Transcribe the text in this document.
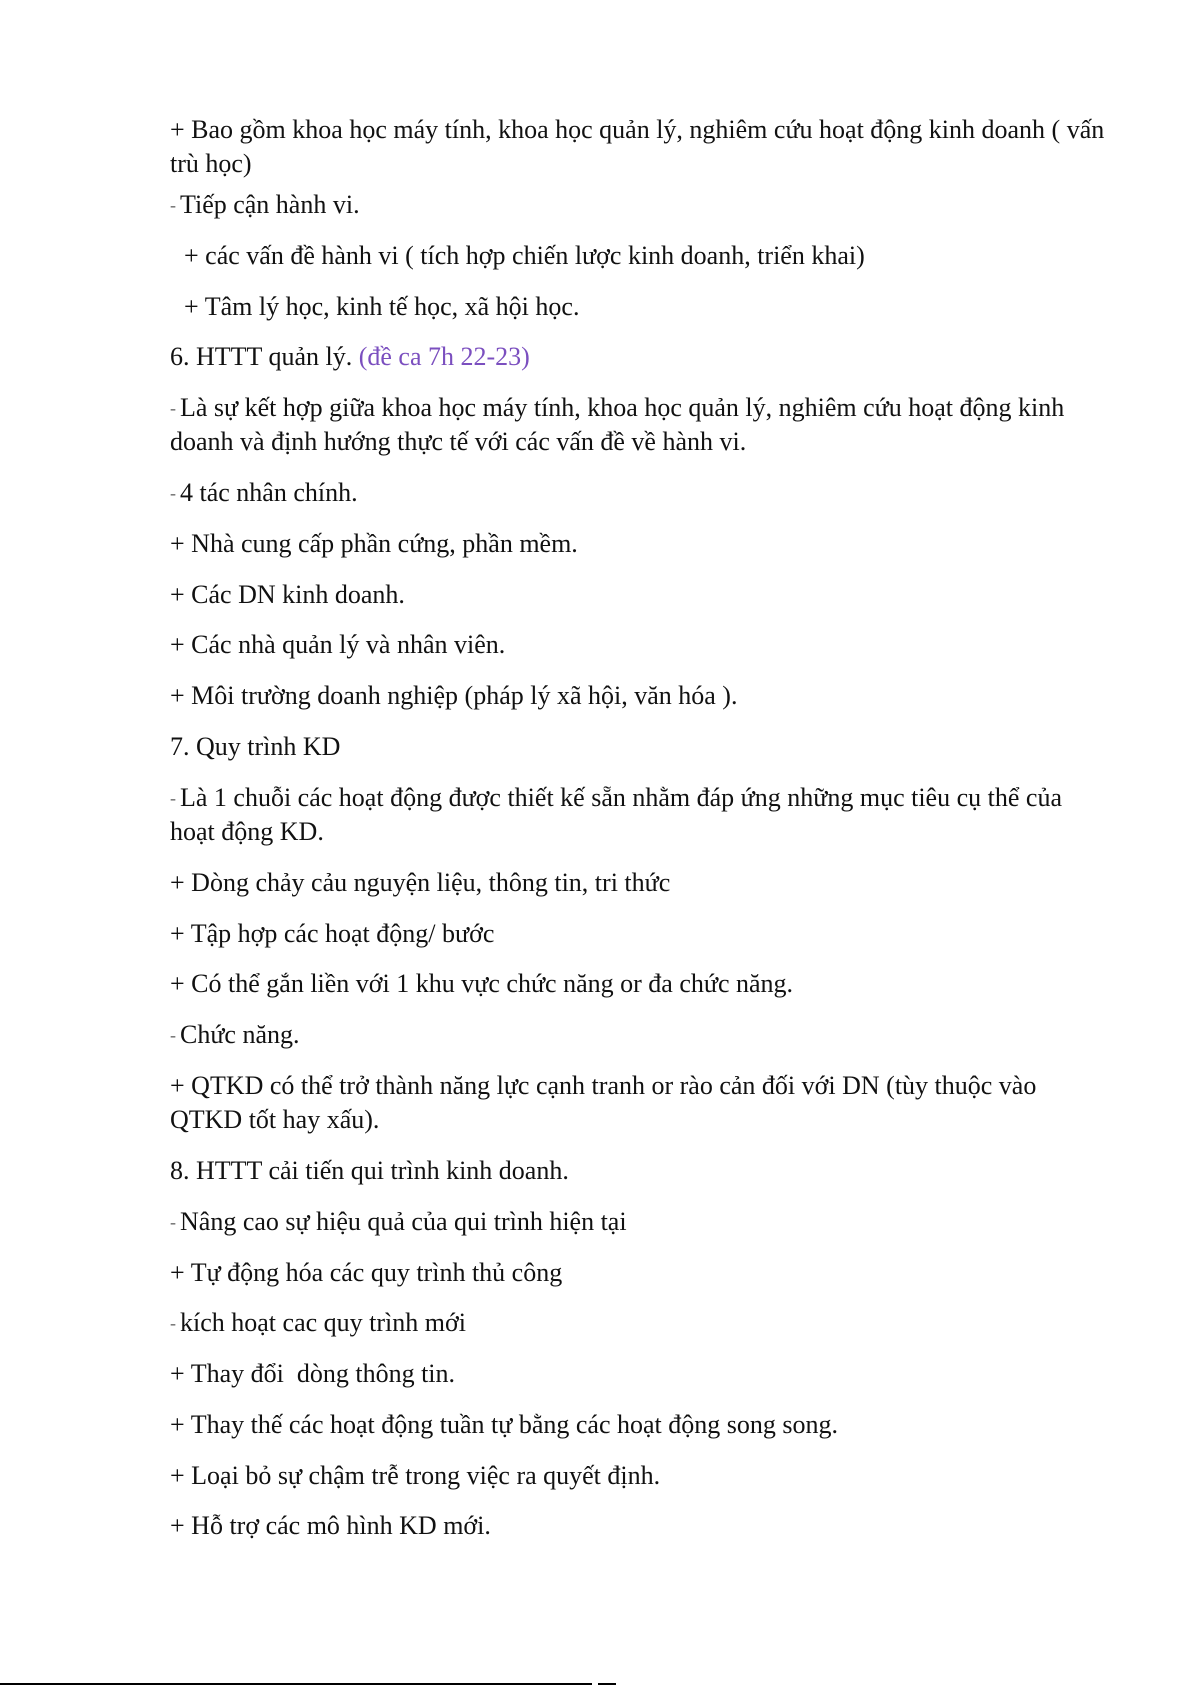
+ Bao gồm khoa học máy tính, khoa học quản lý, nghiêm cứu hoạt động kinh doanh ( vấn trù học)
- Tiếp cận hành vi.
+ các vấn đề hành vi ( tích hợp chiến lược kinh doanh, triển khai)
+ Tâm lý học, kinh tế học, xã hội học.
6. HTTT quản lý. (đề ca 7h 22-23)
- Là sự kết hợp giữa khoa học máy tính, khoa học quản lý, nghiêm cứu hoạt động kinh doanh và định hướng thực tế với các vấn đề về hành vi.
- 4 tác nhân chính.
+ Nhà cung cấp phần cứng, phần mềm.
+ Các DN kinh doanh.
+ Các nhà quản lý và nhân viên.
+ Môi trường doanh nghiệp (pháp lý xã hội, văn hóa ).
7. Quy trình KD
- Là 1 chuỗi các hoạt động được thiết kế sẵn nhằm đáp ứng những mục tiêu cụ thể của hoạt động KD.
+ Dòng chảy cảu nguyện liệu, thông tin, tri thức
+ Tập hợp các hoạt động/ bước
+ Có thể gắn liền với 1 khu vực chức năng or đa chức năng.
- Chức năng.
+ QTKD có thể trở thành năng lực cạnh tranh or rào cản đối với DN (tùy thuộc vào QTKD tốt hay xấu).
8. HTTT cải tiến qui trình kinh doanh.
- Nâng cao sự hiệu quả của qui trình hiện tại
+ Tự động hóa các quy trình thủ công
- kích hoạt cac quy trình mới
+ Thay đổi  dòng thông tin.
+ Thay thế các hoạt động tuần tự bằng các hoạt động song song.
+ Loại bỏ sự chậm trễ trong việc ra quyết định.
+ Hỗ trợ các mô hình KD mới.
